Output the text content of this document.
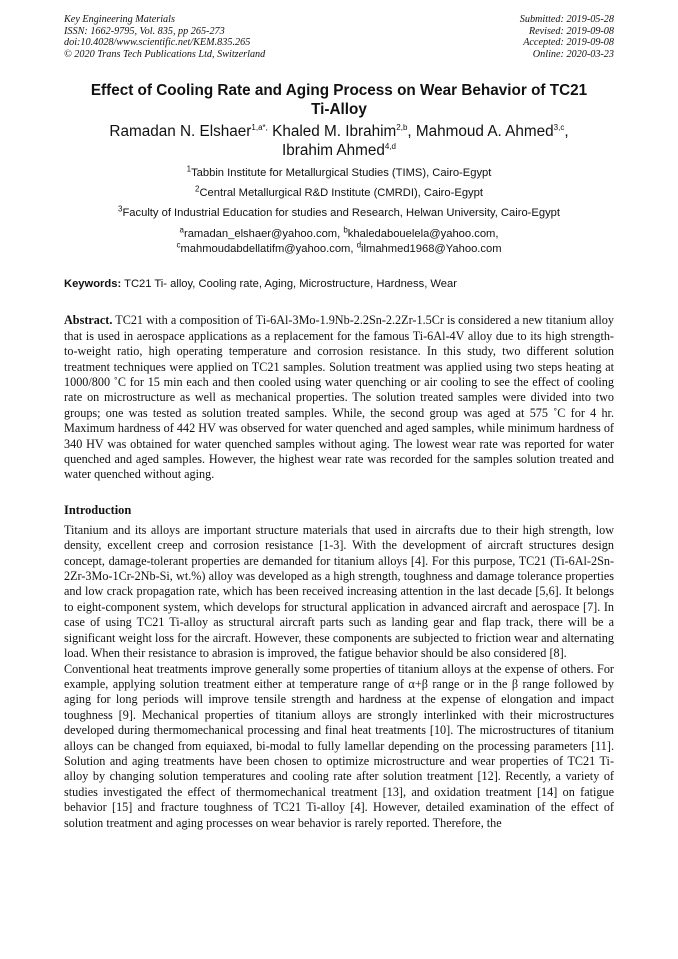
Key Engineering Materials
ISSN: 1662-9795, Vol. 835, pp 265-273
doi:10.4028/www.scientific.net/KEM.835.265
© 2020 Trans Tech Publications Ltd, Switzerland
Submitted: 2019-05-28
Revised: 2019-09-08
Accepted: 2019-09-08
Online: 2020-03-23
Effect of Cooling Rate and Aging Process on Wear Behavior of TC21 Ti-Alloy
Ramadan N. Elshaer$^{1,a*,}$ Khaled M. Ibrahim$^{2,b}$, Mahmoud A. Ahmed$^{3,c}$,
Ibrahim Ahmed$^{4,d}$
$^1$Tabbin Institute for Metallurgical Studies (TIMS), Cairo-Egypt
$^2$Central Metallurgical R&D Institute (CMRDI), Cairo-Egypt
$^3$Faculty of Industrial Education for studies and Research, Helwan University, Cairo-Egypt
$^a$ramadan_elshaer@yahoo.com, $^b$khaledabouelela@yahoo.com,
$^c$mahmoudabdellatifm@yahoo.com, $^d$ilmahmed1968@Yahoo.com
Keywords: TC21 Ti- alloy, Cooling rate, Aging, Microstructure, Hardness, Wear
Abstract. TC21 with a composition of Ti-6Al-3Mo-1.9Nb-2.2Sn-2.2Zr-1.5Cr is considered a new titanium alloy that is used in aerospace applications as a replacement for the famous Ti-6Al-4V alloy due to its high strength-to-weight ratio, high operating temperature and corrosion resistance. In this study, two different solution treatment techniques were applied on TC21 samples. Solution treatment was applied using two steps heating at 1000/800 ˚C for 15 min each and then cooled using water quenching or air cooling to see the effect of cooling rate on microstructure as well as mechanical properties. The solution treated samples were divided into two groups; one was tested as solution treated samples. While, the second group was aged at 575 ˚C for 4 hr. Maximum hardness of 442 HV was observed for water quenched and aged samples, while minimum hardness of 340 HV was obtained for water quenched samples without aging. The lowest wear rate was reported for water quenched and aged samples. However, the highest wear rate was recorded for the samples solution treated and water quenched without aging.
Introduction

Titanium and its alloys are important structure materials that used in aircrafts due to their high strength, low density, excellent creep and corrosion resistance [1-3]. With the development of aircraft structures design concept, damage-tolerant properties are demanded for titanium alloys [4]. For this purpose, TC21 (Ti-6Al-2Sn-2Zr-3Mo-1Cr-2Nb-Si, wt.%) alloy was developed as a high strength, toughness and damage tolerance properties and low crack propagation rate, which has been received increasing attention in the last decade [5,6]. It belongs to eight-component system, which develops for structural application in advanced aircraft and aerospace [7]. In case of using TC21 Ti-alloy as structural aircraft parts such as landing gear and flap track, there will be a significant weight loss for the aircraft. However, these components are subjected to friction wear and alternating load. When their resistance to abrasion is improved, the fatigue behavior should be also considered [8].

Conventional heat treatments improve generally some properties of titanium alloys at the expense of others. For example, applying solution treatment either at temperature range of α+β range or in the β range followed by aging for long periods will improve tensile strength and hardness at the expense of elongation and impact toughness [9]. Mechanical properties of titanium alloys are strongly interlinked with their microstructures developed during thermomechanical processing and final heat treatments [10]. The microstructures of titanium alloys can be changed from equiaxed, bi-modal to fully lamellar depending on the processing parameters [11]. Solution and aging treatments have been chosen to optimize microstructure and wear properties of TC21 Ti-alloy by changing solution temperatures and cooling rate after solution treatment [12]. Recently, a variety of studies investigated the effect of thermomechanical treatment [13], and oxidation treatment [14] on fatigue behavior [15] and fracture toughness of TC21 Ti-alloy [4]. However, detailed examination of the effect of solution treatment and aging processes on wear behavior is rarely reported. Therefore, the
